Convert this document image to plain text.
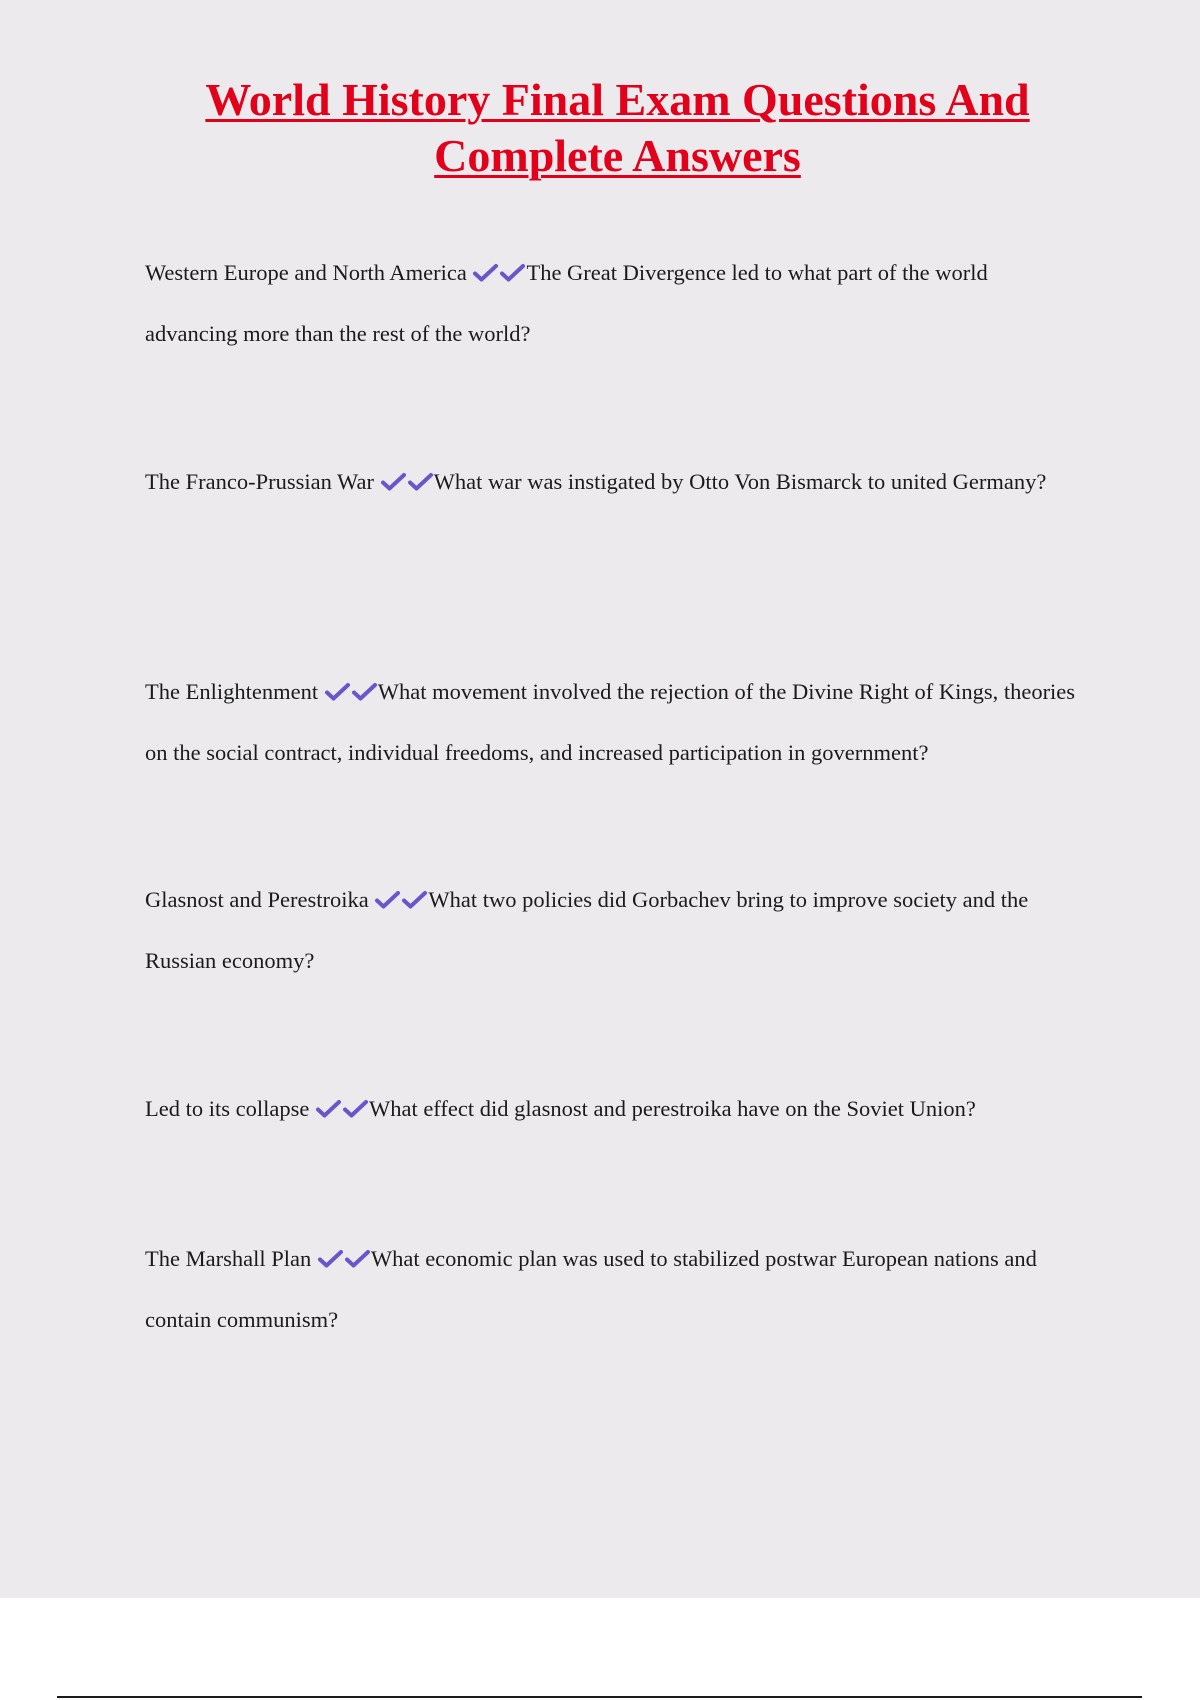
World History Final Exam Questions And Complete Answers

Western Europe and North America	The Great Divergence led to what part of the world advancing more than the rest of the world?

The Franco-Prussian War	What war was instigated by Otto Von Bismarck to united Germany?

The Enlightenment	What movement involved the rejection of the Divine Right of Kings, theories on the social contract, individual freedoms, and increased participation in government?

Glasnost and Perestroika	What two policies did Gorbachev bring to improve society and the Russian economy?

Led to its collapse	What effect did glasnost and perestroika have on the Soviet Union?

The Marshall Plan	What economic plan was used to stabilized postwar European nations and contain communism?
